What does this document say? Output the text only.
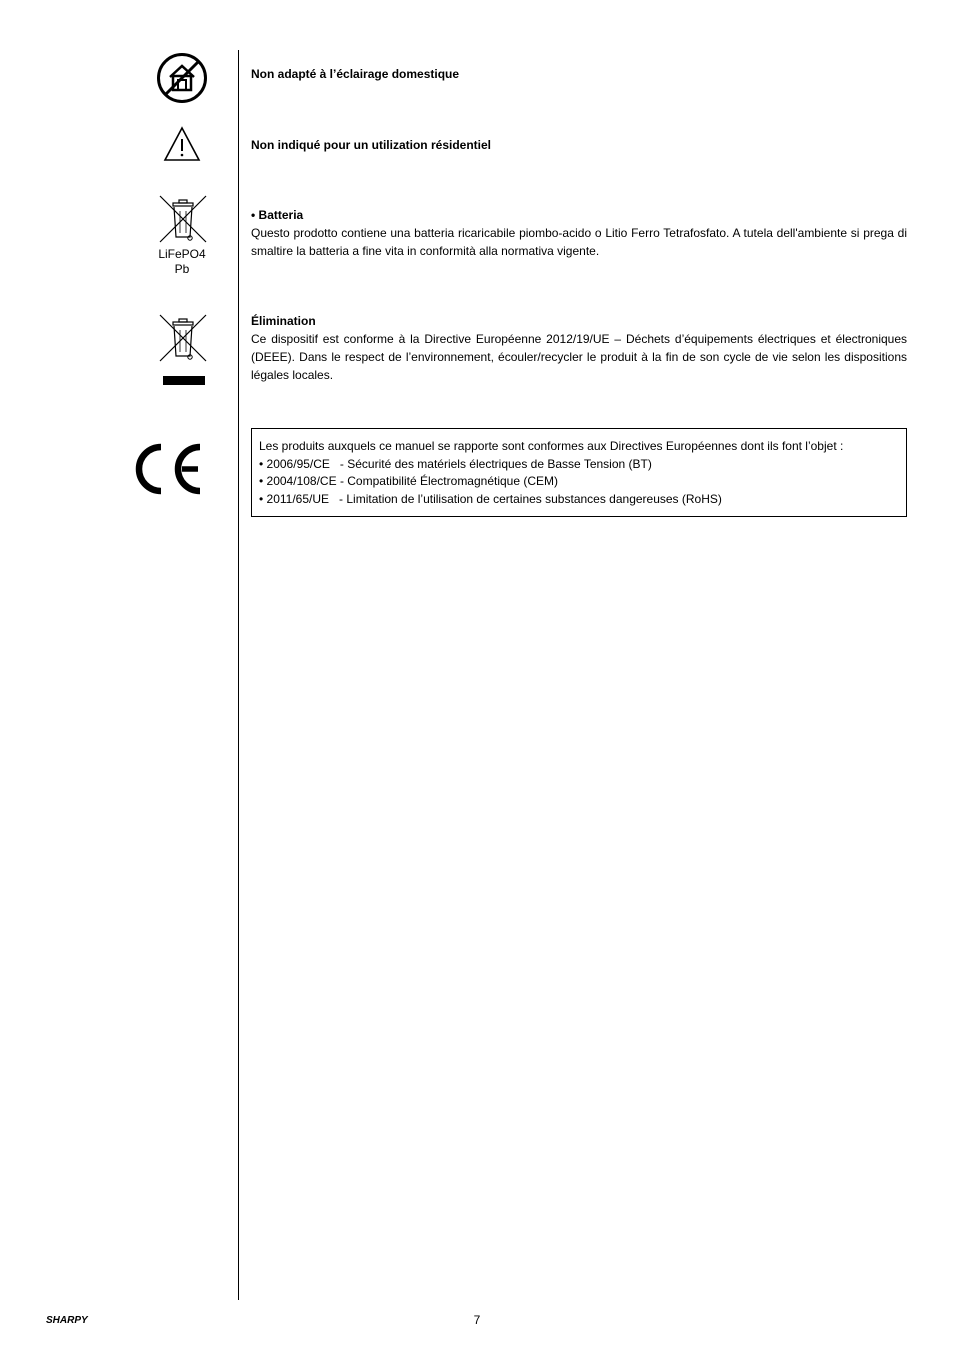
Non adapté à l’éclairage domestique
Non indiqué pour un utilization résidentiel
LiFePO4
Pb
• Batteria
Questo prodotto contiene una batteria ricaricabile piombo-acido o Litio Ferro Tetrafosfato. A tutela dell'ambiente si prega di smaltire la batteria a fine vita in conformità alla normativa vigente.
Élimination
Ce dispositif est conforme à la Directive Européenne 2012/19/UE – Déchets d’équipements électriques et électroniques (DEEE). Dans le respect de l’environnement, écouler/recycler le produit à la fin de son cycle de vie selon les dispositions légales locales.
Les produits auxquels ce manuel se rapporte sont conformes aux Directives Européennes dont ils font l’objet :
• 2006/95/CE   - Sécurité des matériels électriques de Basse Tension (BT)
• 2004/108/CE - Compatibilité Électromagnétique (CEM)
• 2011/65/UE   - Limitation de l’utilisation de certaines substances dangereuses (RoHS)
SHARPY	7
